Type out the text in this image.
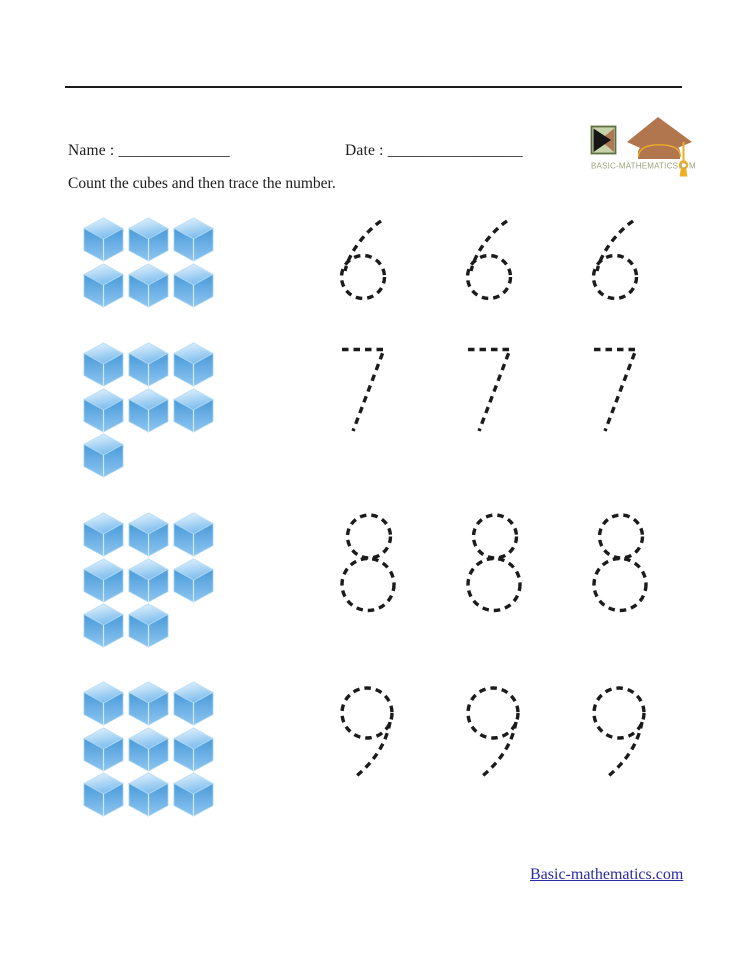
Name : ______________	Date : _________________
Count the cubes and then trace the number.
BASIC-MATHEMATICS.C M
Basic-mathematics.com
